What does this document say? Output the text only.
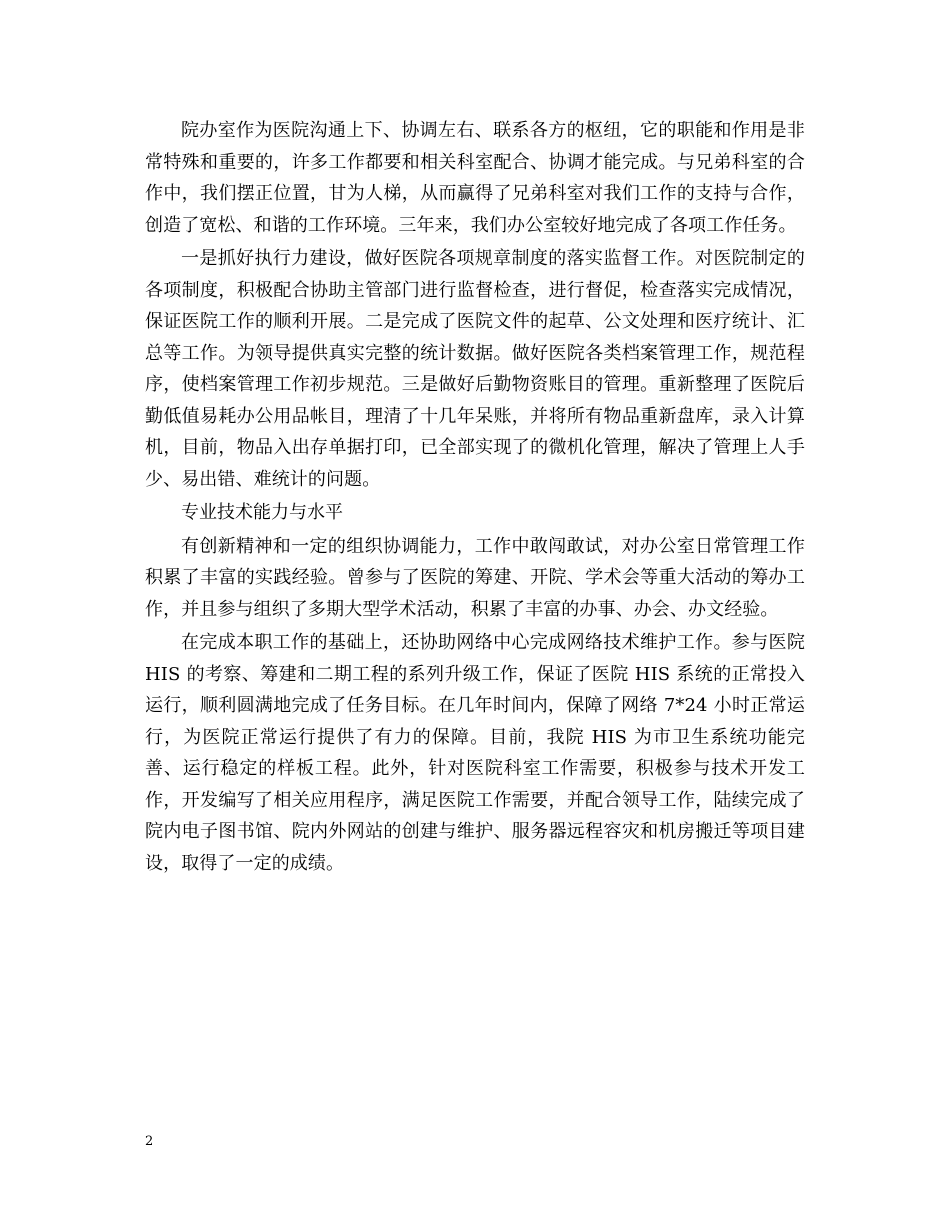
院办室作为医院沟通上下、协调左右、联系各方的枢纽，它的职能和作用是非常特殊和重要的，许多工作都要和相关科室配合、协调才能完成。与兄弟科室的合作中，我们摆正位置，甘为人梯，从而赢得了兄弟科室对我们工作的支持与合作，创造了宽松、和谐的工作环境。三年来，我们办公室较好地完成了各项工作任务。

一是抓好执行力建设，做好医院各项规章制度的落实监督工作。对医院制定的各项制度，积极配合协助主管部门进行监督检查，进行督促，检查落实完成情况，保证医院工作的顺利开展。二是完成了医院文件的起草、公文处理和医疗统计、汇总等工作。为领导提供真实完整的统计数据。做好医院各类档案管理工作，规范程序，使档案管理工作初步规范。三是做好后勤物资账目的管理。重新整理了医院后勤低值易耗办公用品帐目，理清了十几年呆账，并将所有物品重新盘库，录入计算机，目前，物品入出存单据打印，已全部实现了的微机化管理，解决了管理上人手少、易出错、难统计的问题。

专业技术能力与水平

有创新精神和一定的组织协调能力，工作中敢闯敢试，对办公室日常管理工作积累了丰富的实践经验。曾参与了医院的筹建、开院、学术会等重大活动的筹办工作，并且参与组织了多期大型学术活动，积累了丰富的办事、办会、办文经验。

在完成本职工作的基础上，还协助网络中心完成网络技术维护工作。参与医院 HIS 的考察、筹建和二期工程的系列升级工作，保证了医院 HIS 系统的正常投入运行，顺利圆满地完成了任务目标。在几年时间内，保障了网络 7*24 小时正常运行，为医院正常运行提供了有力的保障。目前，我院 HIS 为市卫生系统功能完善、运行稳定的样板工程。此外，针对医院科室工作需要，积极参与技术开发工作，开发编写了相关应用程序，满足医院工作需要，并配合领导工作，陆续完成了院内电子图书馆、院内外网站的创建与维护、服务器远程容灾和机房搬迁等项目建设，取得了一定的成绩。

2
